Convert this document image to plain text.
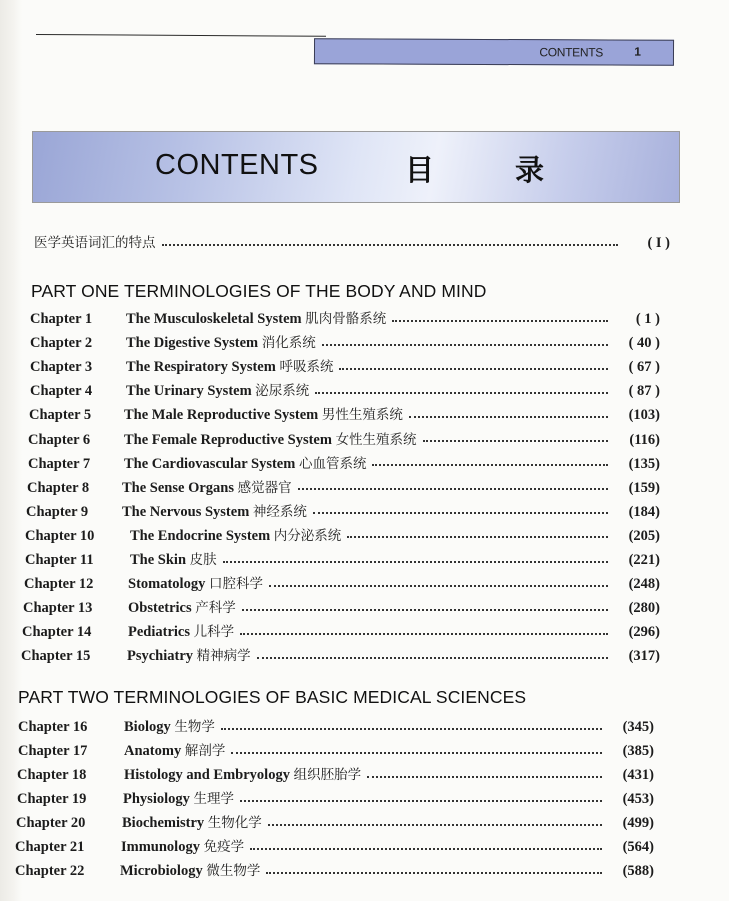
CONTENTS	1
CONTENTS	目	录
医学英语词汇的特点	( I )
PART ONE TERMINOLOGIES OF THE BODY AND MIND
Chapter 1	The Musculoskeletal System 肌肉骨骼系统	( 1 )
Chapter 2	The Digestive System 消化系统	( 40 )
Chapter 3	The Respiratory System 呼吸系统	( 67 )
Chapter 4	The Urinary System 泌尿系统	( 87 )
Chapter 5	The Male Reproductive System 男性生殖系统	(103)
Chapter 6	The Female Reproductive System 女性生殖系统	(116)
Chapter 7	The Cardiovascular System 心血管系统	(135)
Chapter 8	The Sense Organs 感觉器官	(159)
Chapter 9	The Nervous System 神经系统	(184)
Chapter 10	The Endocrine System 内分泌系统	(205)
Chapter 11	The Skin 皮肤	(221)
Chapter 12	Stomatology 口腔科学	(248)
Chapter 13	Obstetrics 产科学	(280)
Chapter 14	Pediatrics 儿科学	(296)
Chapter 15	Psychiatry 精神病学	(317)
PART TWO TERMINOLOGIES OF BASIC MEDICAL SCIENCES
Chapter 16	Biology 生物学	(345)
Chapter 17	Anatomy 解剖学	(385)
Chapter 18	Histology and Embryology 组织胚胎学	(431)
Chapter 19	Physiology 生理学	(453)
Chapter 20	Biochemistry 生物化学	(499)
Chapter 21	Immunology 免疫学	(564)
Chapter 22	Microbiology 微生物学	(588)
